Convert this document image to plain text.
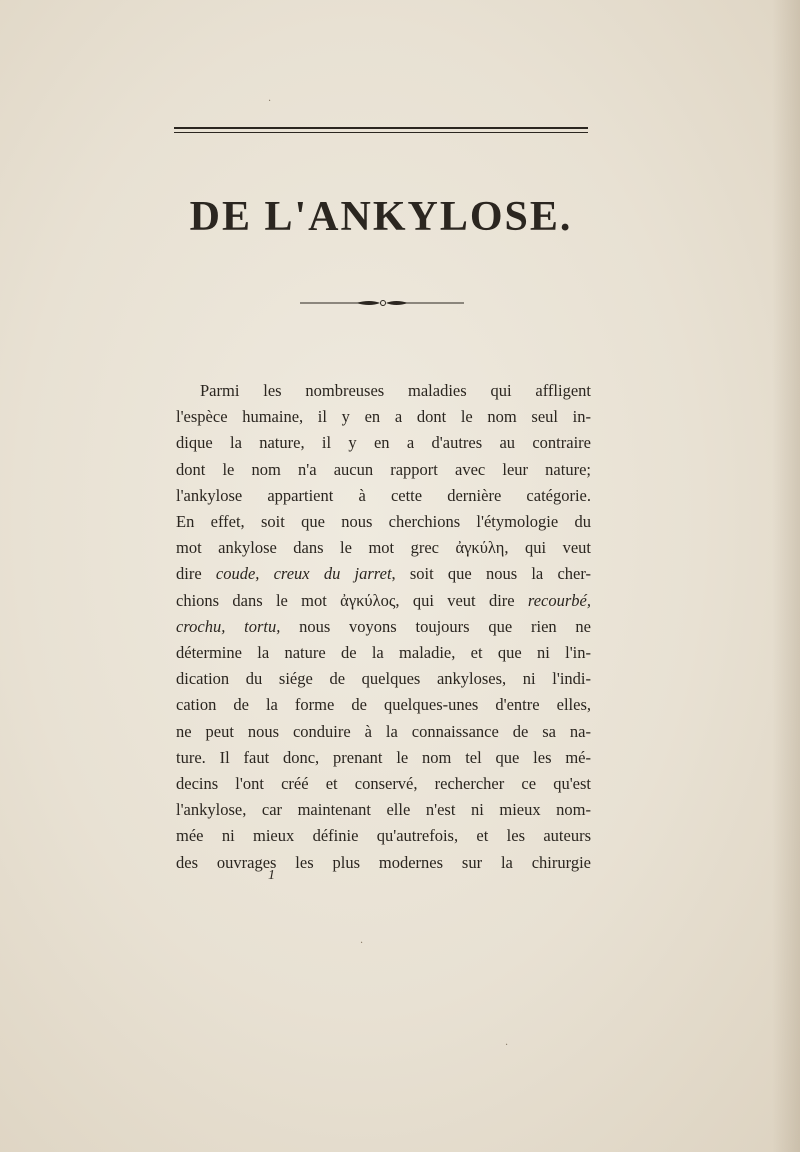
DE L'ANKYLOSE.
Parmi les nombreuses maladies qui affligent
l'espèce humaine, il y en a dont le nom seul in-
dique la nature, il y en a d'autres au contraire
dont le nom n'a aucun rapport avec leur nature;
l'ankylose appartient à cette dernière catégorie.
En effet, soit que nous cherchions l'étymologie du
mot ankylose dans le mot grec ἀγκύλη, qui veut
dire coude, creux du jarret, soit que nous la cher-
chions dans le mot ἀγκύλος, qui veut dire recourbé,
crochu, tortu, nous voyons toujours que rien ne
détermine la nature de la maladie, et que ni l'in-
dication du siége de quelques ankyloses, ni l'indi-
cation de la forme de quelques-unes d'entre elles,
ne peut nous conduire à la connaissance de sa na-
ture. Il faut donc, prenant le nom tel que les mé-
decins l'ont créé et conservé, rechercher ce qu'est
l'ankylose, car maintenant elle n'est ni mieux nom-
mée ni mieux définie qu'autrefois, et les auteurs
des ouvrages les plus modernes sur la chirurgie
1
·
·
·
